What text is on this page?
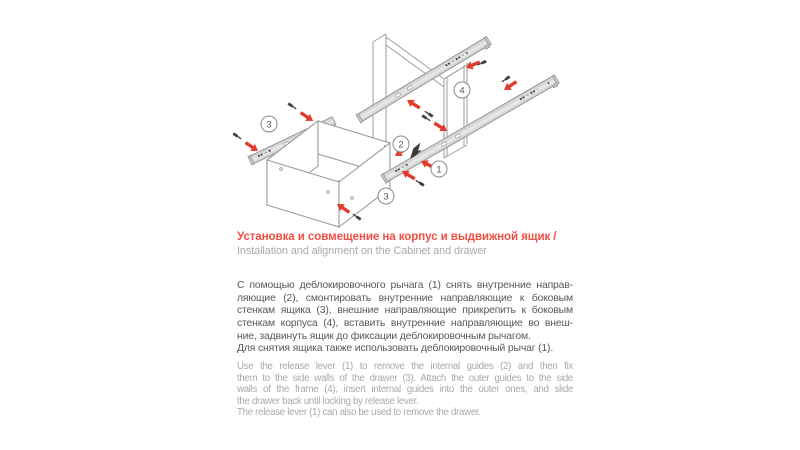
3
3
2
1
4
Установка и совмещение на корпус и выдвижной ящик /
Installation and alignment on the Cabinet and drawer
С помощью деблокировочного рычага (1) снять внутренние направ-
ляющие (2), смонтировать внутренние направляющие к боковым
стенкам ящика (3), внешние направляющие прикрепить к боковым
стенкам корпуса (4), вставить внутренние направляющие во внеш-
ние, задвинуть ящик до фиксации деблокировочным рычагом.
Для снятия ящика также использовать деблокировочный рычаг (1).
Use the release lever (1) to remove the internal guides (2) and then fix
them to the side walls of the drawer (3). Attach the outer guides to the side
walls of the frame (4), insert internal guides into the outer ones, and slide
the drawer back until locking by release lever.
The release lever (1) can also be used to remove the drawer.
